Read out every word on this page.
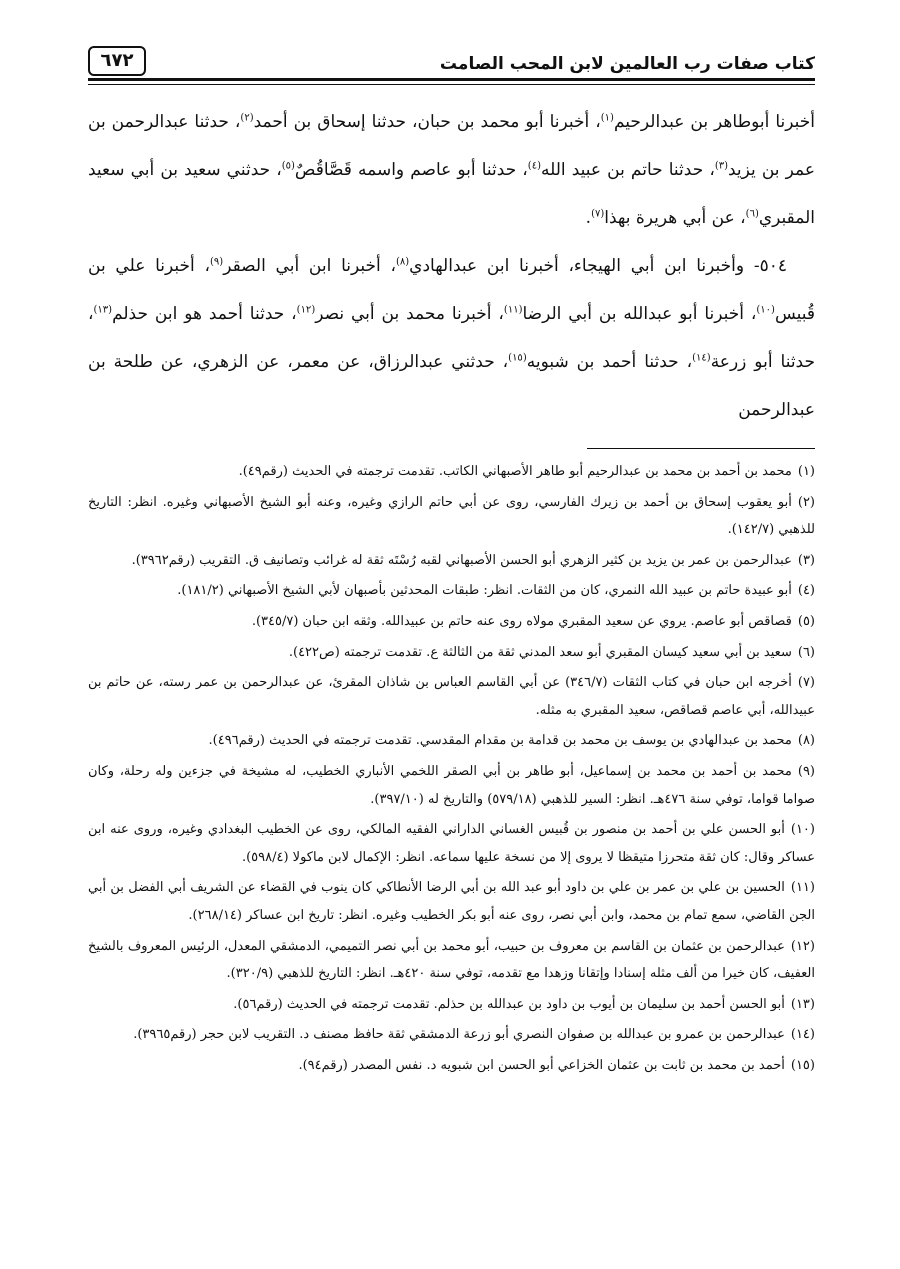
كتاب صفات رب العالمين لابن المحب الصامت
٦٧٢

أخبرنا أبوطاهر بن عبدالرحيم$^{(١)}$، أخبرنا أبو محمد بن حبان، حدثنا إسحاق بن أحمد$^{(٢)}$، حدثنا عبدالرحمن بن عمر بن يزيد$^{(٣)}$، حدثنا حاتم بن عبيد الله$^{(٤)}$، حدثنا أبو عاصم واسمه قَصَّاقُصٌ$^{(٥)}$، حدثني سعيد بن أبي سعيد المقبري$^{(٦)}$، عن أبي هريرة بهذا$^{(٧)}$.

٥٠٤- وأخبرنا ابن أبي الهيجاء، أخبرنا ابن عبدالهادي$^{(٨)}$، أخبرنا ابن أبي الصقر$^{(٩)}$، أخبرنا علي بن قُبيس$^{(١٠)}$، أخبرنا أبو عبدالله بن أبي الرضا$^{(١١)}$، أخبرنا محمد بن أبي نصر$^{(١٢)}$، حدثنا أحمد هو ابن حذلم$^{(١٣)}$، حدثنا أبو زرعة$^{(١٤)}$، حدثنا أحمد بن شبويه$^{(١٥)}$، حدثني عبدالرزاق، عن معمر، عن الزهري، عن طلحة بن عبدالرحمن

(١)محمد بن أحمد بن محمد بن عبدالرحيم أبو طاهر الأصبهاني الكاتب. تقدمت ترجمته في الحديث (رقم٤٩).

(٢)أبو يعقوب إسحاق بن أحمد بن زيرك الفارسي، روى عن أبي حاتم الرازي وغيره، وعنه أبو الشيخ الأصبهاني وغيره. انظر: التاريخ للذهبي (١٤٢/٧).

(٣)عبدالرحمن بن عمر بن يزيد بن كثير الزهري أبو الحسن الأصبهاني لقبه رُسْتَه ثقة له غرائب وتصانيف ق. التقريب (رقم٣٩٦٢).

(٤)أبو عبيدة حاتم بن عبيد الله النمري، كان من الثقات. انظر: طبقات المحدثين بأصبهان لأبي الشيخ الأصبهاني (١٨١/٢).

(٥)قصاقص أبو عاصم. يروي عن سعيد المقبري مولاه روى عنه حاتم بن عبيدالله. وثقه ابن حبان (٣٤٥/٧).

(٦)سعيد بن أبي سعيد كيسان المقبري أبو سعد المدني ثقة من الثالثة ع. تقدمت ترجمته (ص٤٢٢).

(٧)أخرجه ابن حبان في كتاب الثقات (٣٤٦/٧) عن أبي القاسم العباس بن شاذان المقرئ، عن عبدالرحمن بن عمر رسته، عن حاتم بن عبيدالله، أبي عاصم قصاقص، سعيد المقبري به مثله.

(٨)محمد بن عبدالهادي بن يوسف بن محمد بن قدامة بن مقدام المقدسي. تقدمت ترجمته في الحديث (رقم٤٩٦).

(٩)محمد بن أحمد بن محمد بن إسماعيل، أبو طاهر بن أبي الصقر اللخمي الأنباري الخطيب، له مشيخة في جزءين وله رحلة، وكان صواما قواما، توفي سنة ٤٧٦هـ. انظر: السير للذهبي (٥٧٩/١٨) والتاريخ له (٣٩٧/١٠).

(١٠)أبو الحسن علي بن أحمد بن منصور بن قُبيس الغساني الداراني الفقيه المالكي، روى عن الخطيب البغدادي وغيره، وروى عنه ابن عساكر وقال: كان ثقة متحرزا متيقظا لا يروى إلا من نسخة عليها سماعه. انظر: الإكمال لابن ماكولا (٥٩٨/٤).

(١١)الحسين بن علي بن عمر بن علي بن داود أبو عبد الله بن أبي الرضا الأنطاكي كان ينوب في القضاء عن الشريف أبي الفضل بن أبي الجن القاضي، سمع تمام بن محمد، وابن أبي نصر، روى عنه أبو بكر الخطيب وغيره. انظر: تاريخ ابن عساكر (٢٦٨/١٤).

(١٢)عبدالرحمن بن عثمان بن القاسم بن معروف بن حبيب، أبو محمد بن أبي نصر التميمي، الدمشقي المعدل، الرئيس المعروف بالشيخ العفيف، كان خيرا من ألف مثله إسنادا وإتقانا وزهدا مع تقدمه، توفي سنة ٤٢٠هـ. انظر: التاريخ للذهبي (٣٢٠/٩).

(١٣)أبو الحسن أحمد بن سليمان بن أيوب بن داود بن عبدالله بن حذلم. تقدمت ترجمته في الحديث (رقم٥٦).

(١٤)عبدالرحمن بن عمرو بن عبدالله بن صفوان النصري أبو زرعة الدمشقي ثقة حافظ مصنف د. التقريب لابن حجر (رقم٣٩٦٥).

(١٥)أحمد بن محمد بن ثابت بن عثمان الخزاعي أبو الحسن ابن شبويه د. نفس المصدر (رقم٩٤).
